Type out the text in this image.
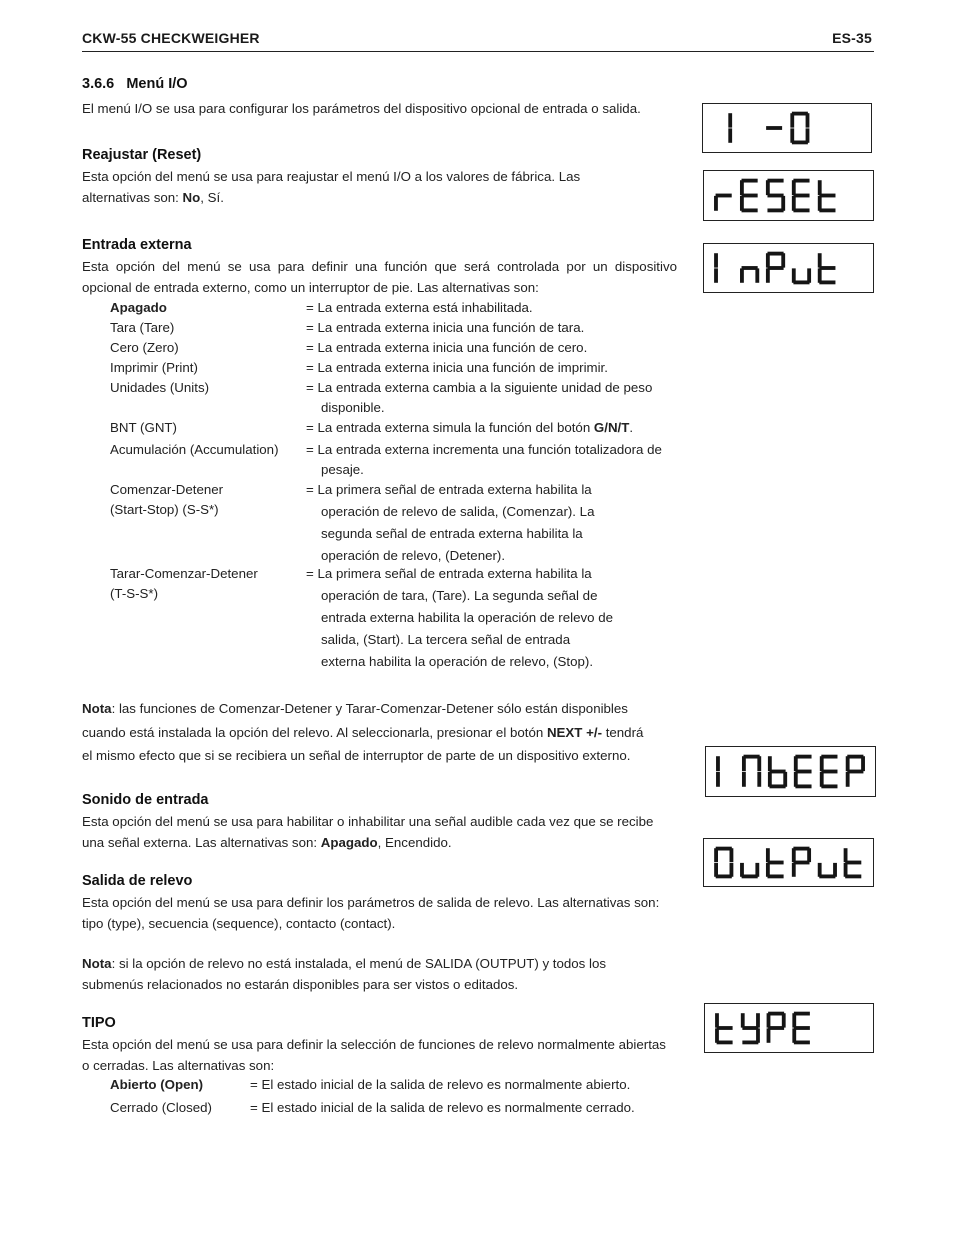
CKW-55 CHECKWEIGHER	ES-35
3.6.6 Menú I/O
El menú I/O se usa para configurar los parámetros del dispositivo opcional de entrada o salida.
Reajustar (Reset)
Esta opción del menú se usa para reajustar el menú I/O a los valores de fábrica. Las alternativas son: No, Sí.
Entrada externa
Esta opción del menú se usa para definir una función que será controlada por un dispositivo opcional de entrada externo, como un interruptor de pie. Las alternativas son:
Apagado	= La entrada externa está inhabilitada.
Tara (Tare)	= La entrada externa inicia una función de tara.
Cero (Zero)	= La entrada externa inicia una función de cero.
Imprimir (Print)	= La entrada externa inicia una función de imprimir.
Unidades (Units)	= La entrada externa cambia a la siguiente unidad de peso
disponible.
BNT (GNT)	= La entrada externa simula la función del botón G/N/T.
Acumulación (Accumulation) = La entrada externa incrementa una función totalizadora de
pesaje.
Comenzar-Detener
(Start-Stop) (S-S*)
= La primera señal de entrada externa habilita la
operación de relevo de salida, (Comenzar). La
segunda señal de entrada externa habilita la
operación de relevo, (Detener).
Tarar-Comenzar-Detener
(T-S-S*)
= La primera señal de entrada externa habilita la
operación de tara, (Tare). La segunda señal de
entrada externa habilita la operación de relevo de
salida, (Start). La tercera señal de entrada
externa habilita la operación de relevo, (Stop).
Nota: las funciones de Comenzar-Detener y Tarar-Comenzar-Detener sólo están disponibles
cuando está instalada la opción del relevo. Al seleccionarla, presionar el botón NEXT +/- tendrá
el mismo efecto que si se recibiera un señal de interruptor de parte de un dispositivo externo.
Sonido de entrada
Esta opción del menú se usa para habilitar o inhabilitar una señal audible cada vez que se recibe una señal externa. Las alternativas son: Apagado, Encendido.
Salida de relevo
Esta opción del menú se usa para definir los parámetros de salida de relevo. Las alternativas son: tipo (type), secuencia (sequence), contacto (contact).
Nota: si la opción de relevo no está instalada, el menú de SALIDA (OUTPUT) y todos los submenús relacionados no estarán disponibles para ser vistos o editados.
TIPO
Esta opción del menú se usa para definir la selección de funciones de relevo normalmente abiertas o cerradas. Las alternativas son:
Abierto (Open)	= El estado inicial de la salida de relevo es normalmente abierto.
Cerrado (Closed)	= El estado inicial de la salida de relevo es normalmente cerrado.
